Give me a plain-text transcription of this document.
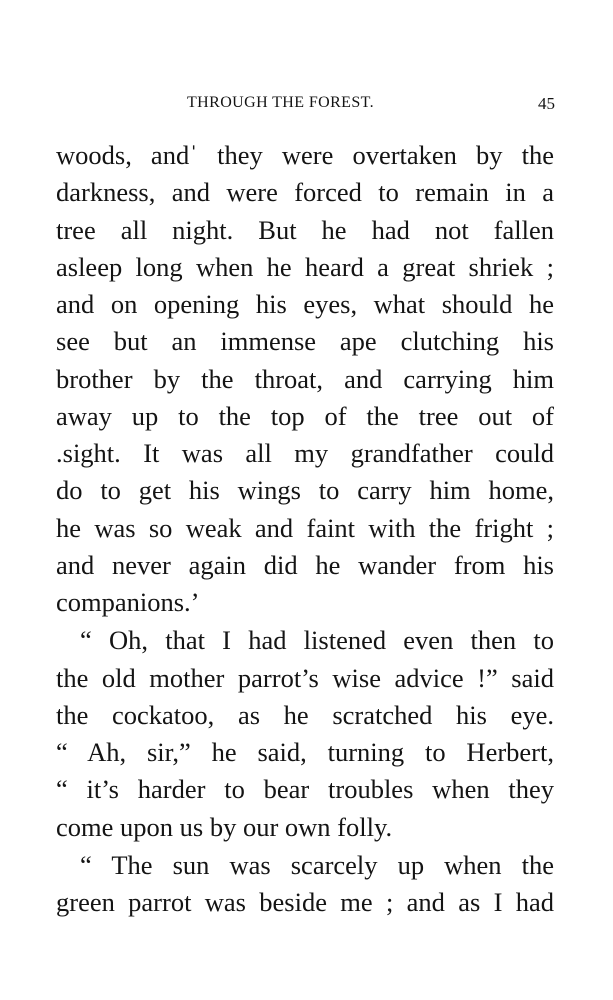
THROUGH THE FOREST.	45
woods, andˈ they were overtaken by the
darkness, and were forced to remain in a
tree all night. But he had not fallen
asleep long when he heard a great shriek ;
and on opening his eyes, what should he
see but an immense ape clutching his
brother by the throat, and carrying him
away up to the top of the tree out of
.sight. It was all my grandfather could
do to get his wings to carry him home,
he was so weak and faint with the fright ;
and never again did he wander from his
companions.’
“ Oh, that I had listened even then to
the old mother parrot’s wise advice !” said
the cockatoo, as he scratched his eye.
“ Ah, sir,” he said, turning to Herbert,
“ it’s harder to bear troubles when they
come upon us by our own folly.
“ The sun was scarcely up when the
green parrot was beside me ; and as I had
